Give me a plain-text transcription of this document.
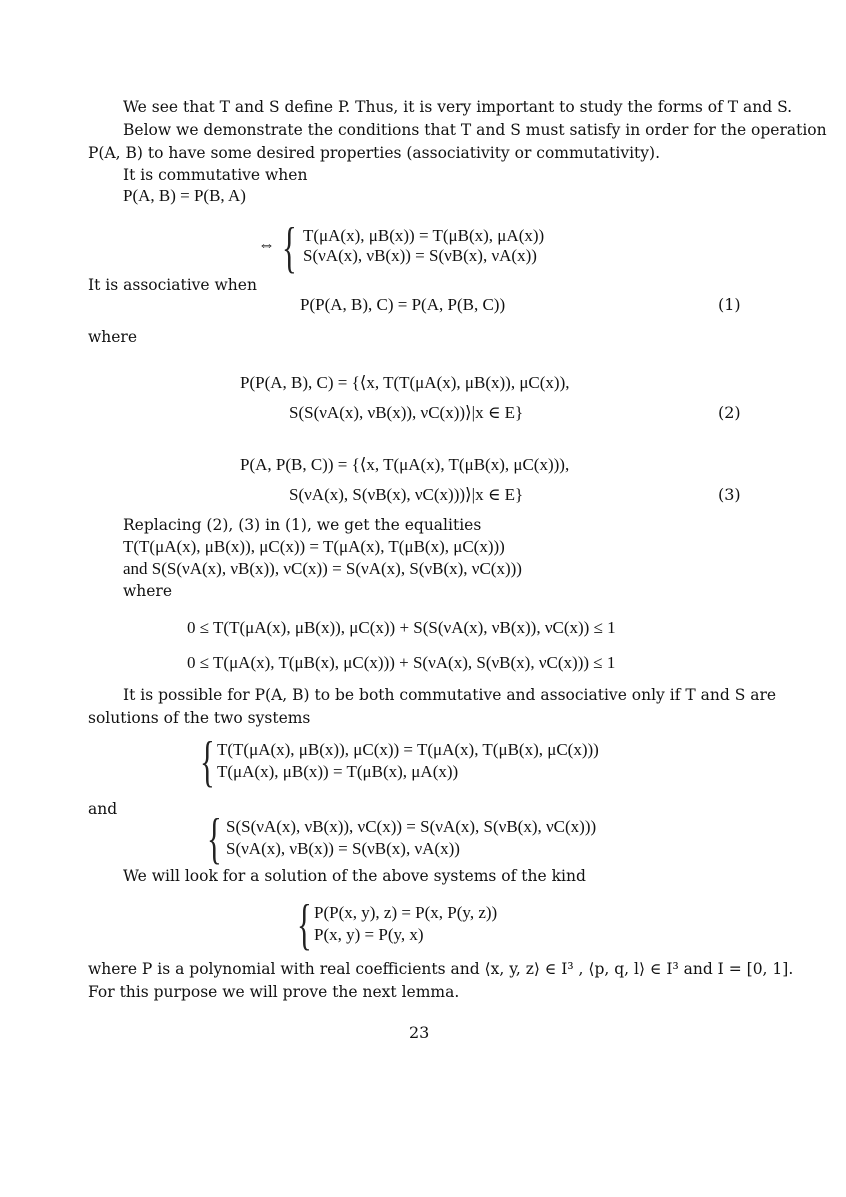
We see that T and S define P. Thus, it is very important to study the forms of T and S.
Below we demonstrate the conditions that T and S must satisfy in order for the operation
P(A, B) to have some desired properties (associativity or commutativity).
It is commutative when
P(A, B) = P(B, A)
⇔ { T(μA(x), μB(x)) = T(μB(x), μA(x))
S(νA(x), νB(x)) = S(νB(x), νA(x))
It is associative when
P(P(A, B), C) = P(A, P(B, C))	(1)
where
P(P(A, B), C) = {⟨x, T(T(μA(x), μB(x)), μC(x)),
S(S(νA(x), νB(x)), νC(x))⟩|x ∈ E}	(2)
P(A, P(B, C)) = {⟨x, T(μA(x), T(μB(x), μC(x))),
S(νA(x), S(νB(x), νC(x)))⟩|x ∈ E}	(3)
Replacing (2), (3) in (1), we get the equalities
T(T(μA(x), μB(x)), μC(x)) = T(μA(x), T(μB(x), μC(x)))
and S(S(νA(x), νB(x)), νC(x)) = S(νA(x), S(νB(x), νC(x)))
where
0 ≤ T(T(μA(x), μB(x)), μC(x)) + S(S(νA(x), νB(x)), νC(x)) ≤ 1
0 ≤ T(μA(x), T(μB(x), μC(x))) + S(νA(x), S(νB(x), νC(x))) ≤ 1
It is possible for P(A, B) to be both commutative and associative only if T and S are
solutions of the two systems
{ T(T(μA(x), μB(x)), μC(x)) = T(μA(x), T(μB(x), μC(x)))
T(μA(x), μB(x)) = T(μB(x), μA(x))
and { S(S(νA(x), νB(x)), νC(x)) = S(νA(x), S(νB(x), νC(x)))
S(νA(x), νB(x)) = S(νB(x), νA(x))
We will look for a solution of the above systems of the kind
{ P(P(x, y), z) = P(x, P(y, z))
P(x, y) = P(y, x)
where P is a polynomial with real coefficients and ⟨x, y, z⟩ ∈ I³ , ⟨p, q, l⟩ ∈ I³ and I = [0, 1].
For this purpose we will prove the next lemma.
23
